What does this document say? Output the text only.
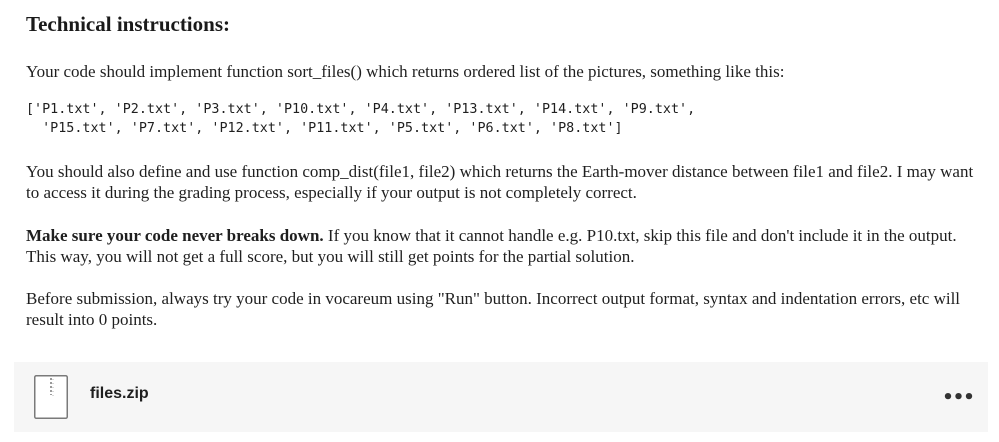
Technical instructions:

Your code should implement function sort_files() which returns ordered list of the pictures, something like this:

['P1.txt', 'P2.txt', 'P3.txt', 'P10.txt', 'P4.txt', 'P13.txt', 'P14.txt', 'P9.txt',
'P15.txt', 'P7.txt', 'P12.txt', 'P11.txt', 'P5.txt', 'P6.txt', 'P8.txt']

You should also define and use function comp_dist(file1, file2) which returns the Earth-mover distance between file1 and file2. I may want to access it during the grading process, especially if your output is not completely correct.

Make sure your code never breaks down. If you know that it cannot handle e.g. P10.txt, skip this file and don't include it in the output. This way, you will not get a full score, but you will still get points for the partial solution.

Before submission, always try your code in vocareum using "Run" button. Incorrect output format, syntax and indentation errors, etc will result into 0 points.

files.zip	•••
